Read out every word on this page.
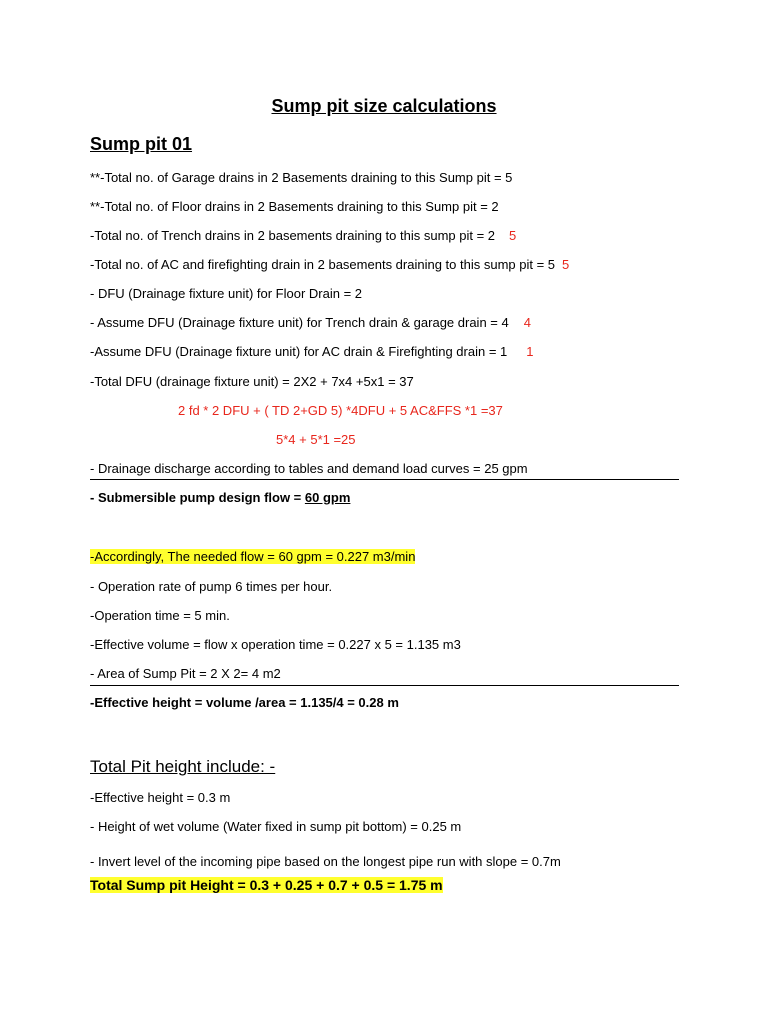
Sump pit size calculations
Sump pit 01
**-Total no. of Garage drains in 2 Basements draining to this Sump pit = 5
**-Total no. of Floor drains in 2 Basements draining to this Sump pit = 2
-Total no. of Trench drains in 2 basements draining to this sump pit = 2 5
-Total no. of AC and firefighting drain in 2 basements draining to this sump pit = 5 5
- DFU (Drainage fixture unit) for Floor Drain = 2
- Assume DFU (Drainage fixture unit) for Trench drain & garage drain = 4 4
-Assume DFU (Drainage fixture unit) for AC drain & Firefighting drain = 1 1
-Total DFU (drainage fixture unit) = 2X2 + 7x4 +5x1 = 37
2 fd * 2 DFU + ( TD 2+GD 5) *4DFU + 5 AC&FFS *1 =37
5*4 + 5*1 =25
- Drainage discharge according to tables and demand load curves = 25 gpm
- Submersible pump design flow = 60 gpm
-Accordingly, The needed flow = 60 gpm = 0.227 m3/min
- Operation rate of pump 6 times per hour.
-Operation time = 5 min.
-Effective volume = flow x operation time = 0.227 x 5 = 1.135 m3
- Area of Sump Pit = 2 X 2= 4 m2
-Effective height = volume /area = 1.135/4 = 0.28 m
Total Pit height include: -
-Effective height = 0.3 m
- Height of wet volume (Water fixed in sump pit bottom) = 0.25 m
- Invert level of the incoming pipe based on the longest pipe run with slope = 0.7m
Total Sump pit Height = 0.3 + 0.25 + 0.7 + 0.5 = 1.75 m
